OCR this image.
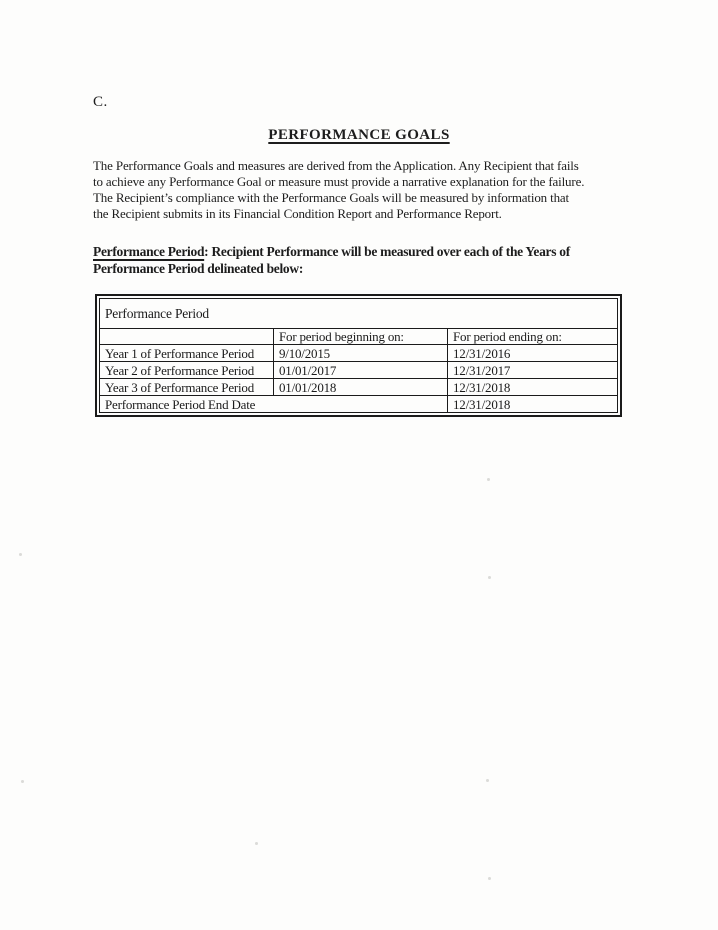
C.
PERFORMANCE GOALS
The Performance Goals and measures are derived from the Application. Any Recipient that fails
to achieve any Performance Goal or measure must provide a narrative explanation for the failure.
The Recipient’s compliance with the Performance Goals will be measured by information that
the Recipient submits in its Financial Condition Report and Performance Report.
Performance Period: Recipient Performance will be measured over each of the Years of
Performance Period delineated below:
Performance Period		
	For period beginning on:	For period ending on:
Year 1 of Performance Period	9/10/2015	12/31/2016
Year 2 of Performance Period	01/01/2017	12/31/2017
Year 3 of Performance Period	01/01/2018	12/31/2018
Performance Period End Date		12/31/2018
